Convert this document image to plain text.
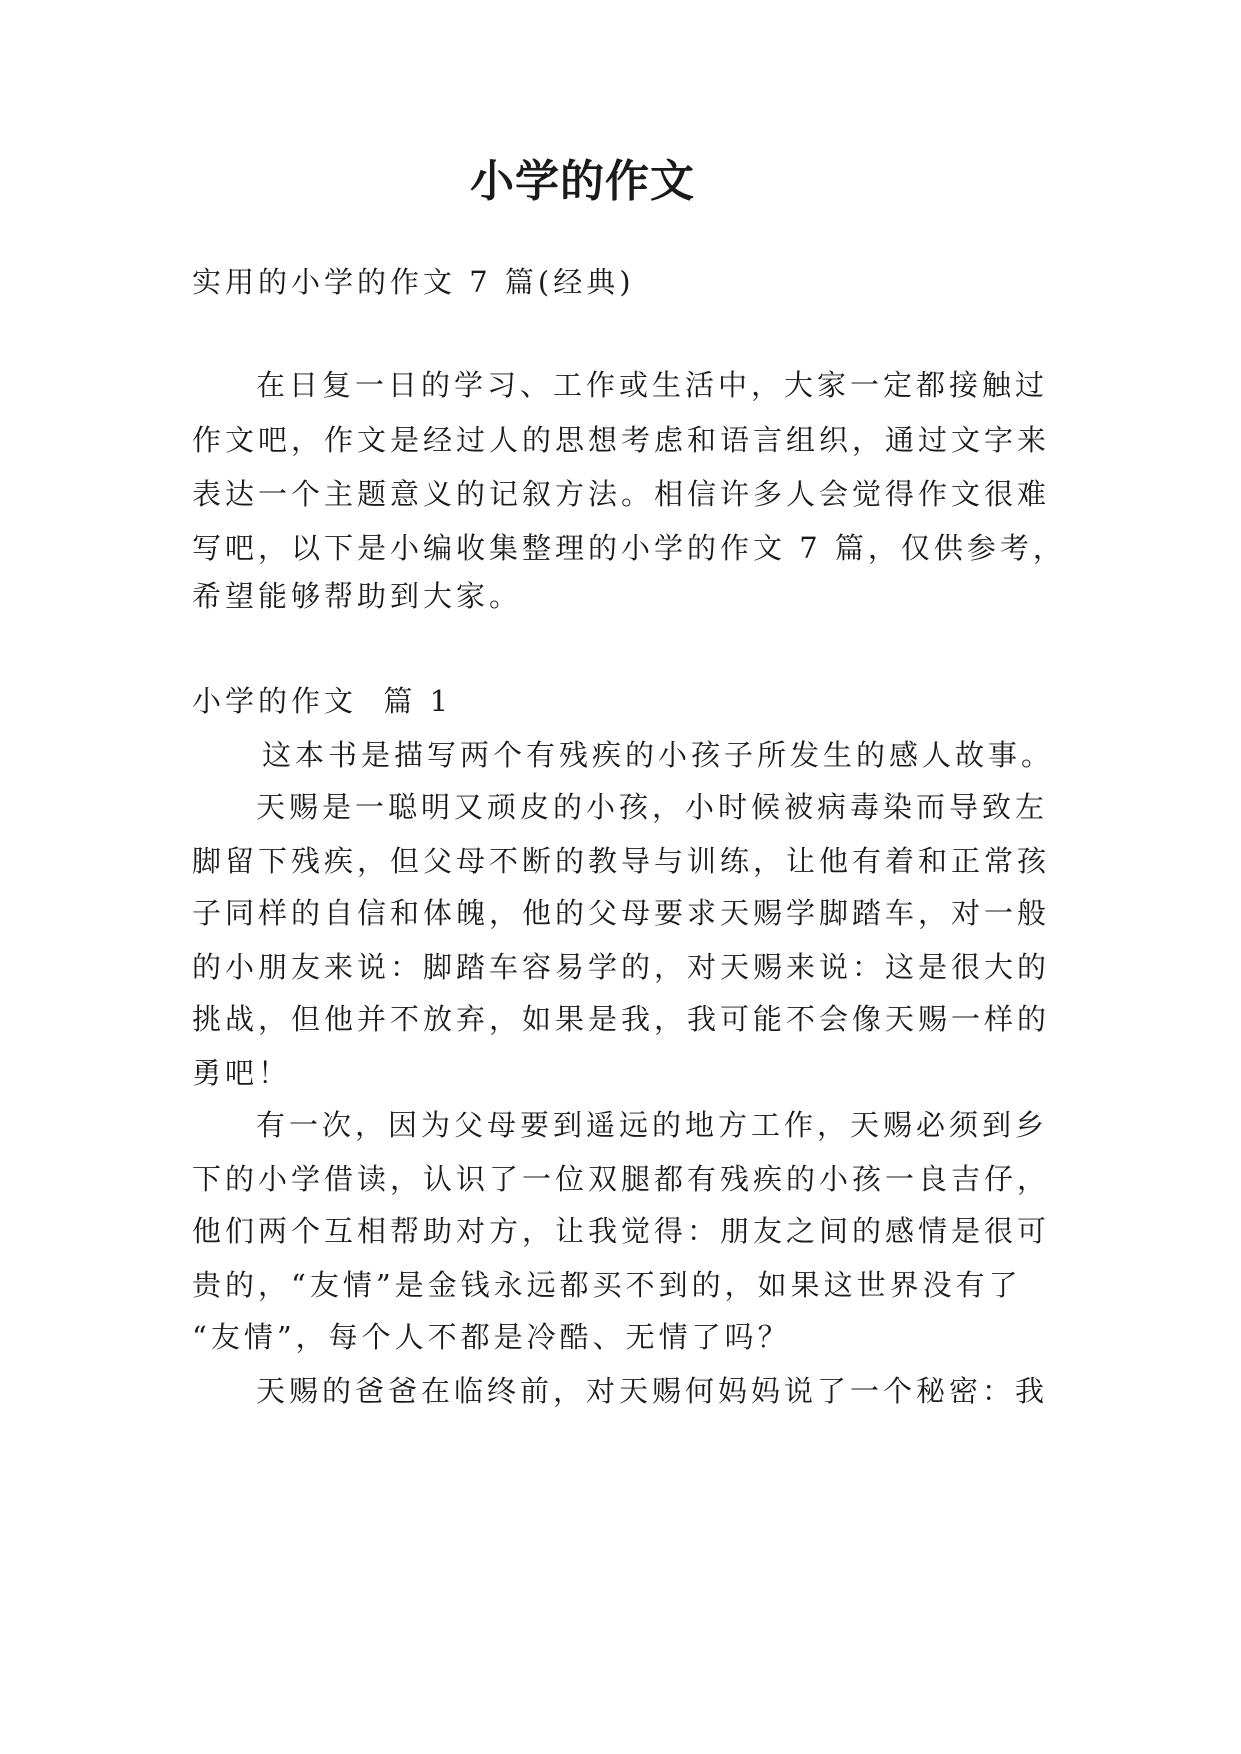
小学的作文
实用的小学的作文 7 篇(经典)
在日复一日的学习、工作或生活中，大家一定都接触过
作文吧，作文是经过人的思想考虑和语言组织，通过文字来
表达一个主题意义的记叙方法。相信许多人会觉得作文很难
写吧，以下是小编收集整理的小学的作文 7 篇，仅供参考，
希望能够帮助到大家。
小学的作文  篇 1
这本书是描写两个有残疾的小孩子所发生的感人故事。
天赐是一聪明又顽皮的小孩，小时候被病毒染而导致左
脚留下残疾，但父母不断的教导与训练，让他有着和正常孩
子同样的自信和体魄，他的父母要求天赐学脚踏车，对一般
的小朋友来说：脚踏车容易学的，对天赐来说：这是很大的
挑战，但他并不放弃，如果是我，我可能不会像天赐一样的
勇吧！
有一次，因为父母要到遥远的地方工作，天赐必须到乡
下的小学借读，认识了一位双腿都有残疾的小孩一良吉仔，
他们两个互相帮助对方，让我觉得：朋友之间的感情是很可
贵的，“友情”是金钱永远都买不到的，如果这世界没有了
“友情”，每个人不都是冷酷、无情了吗？
天赐的爸爸在临终前，对天赐何妈妈说了一个秘密：我
